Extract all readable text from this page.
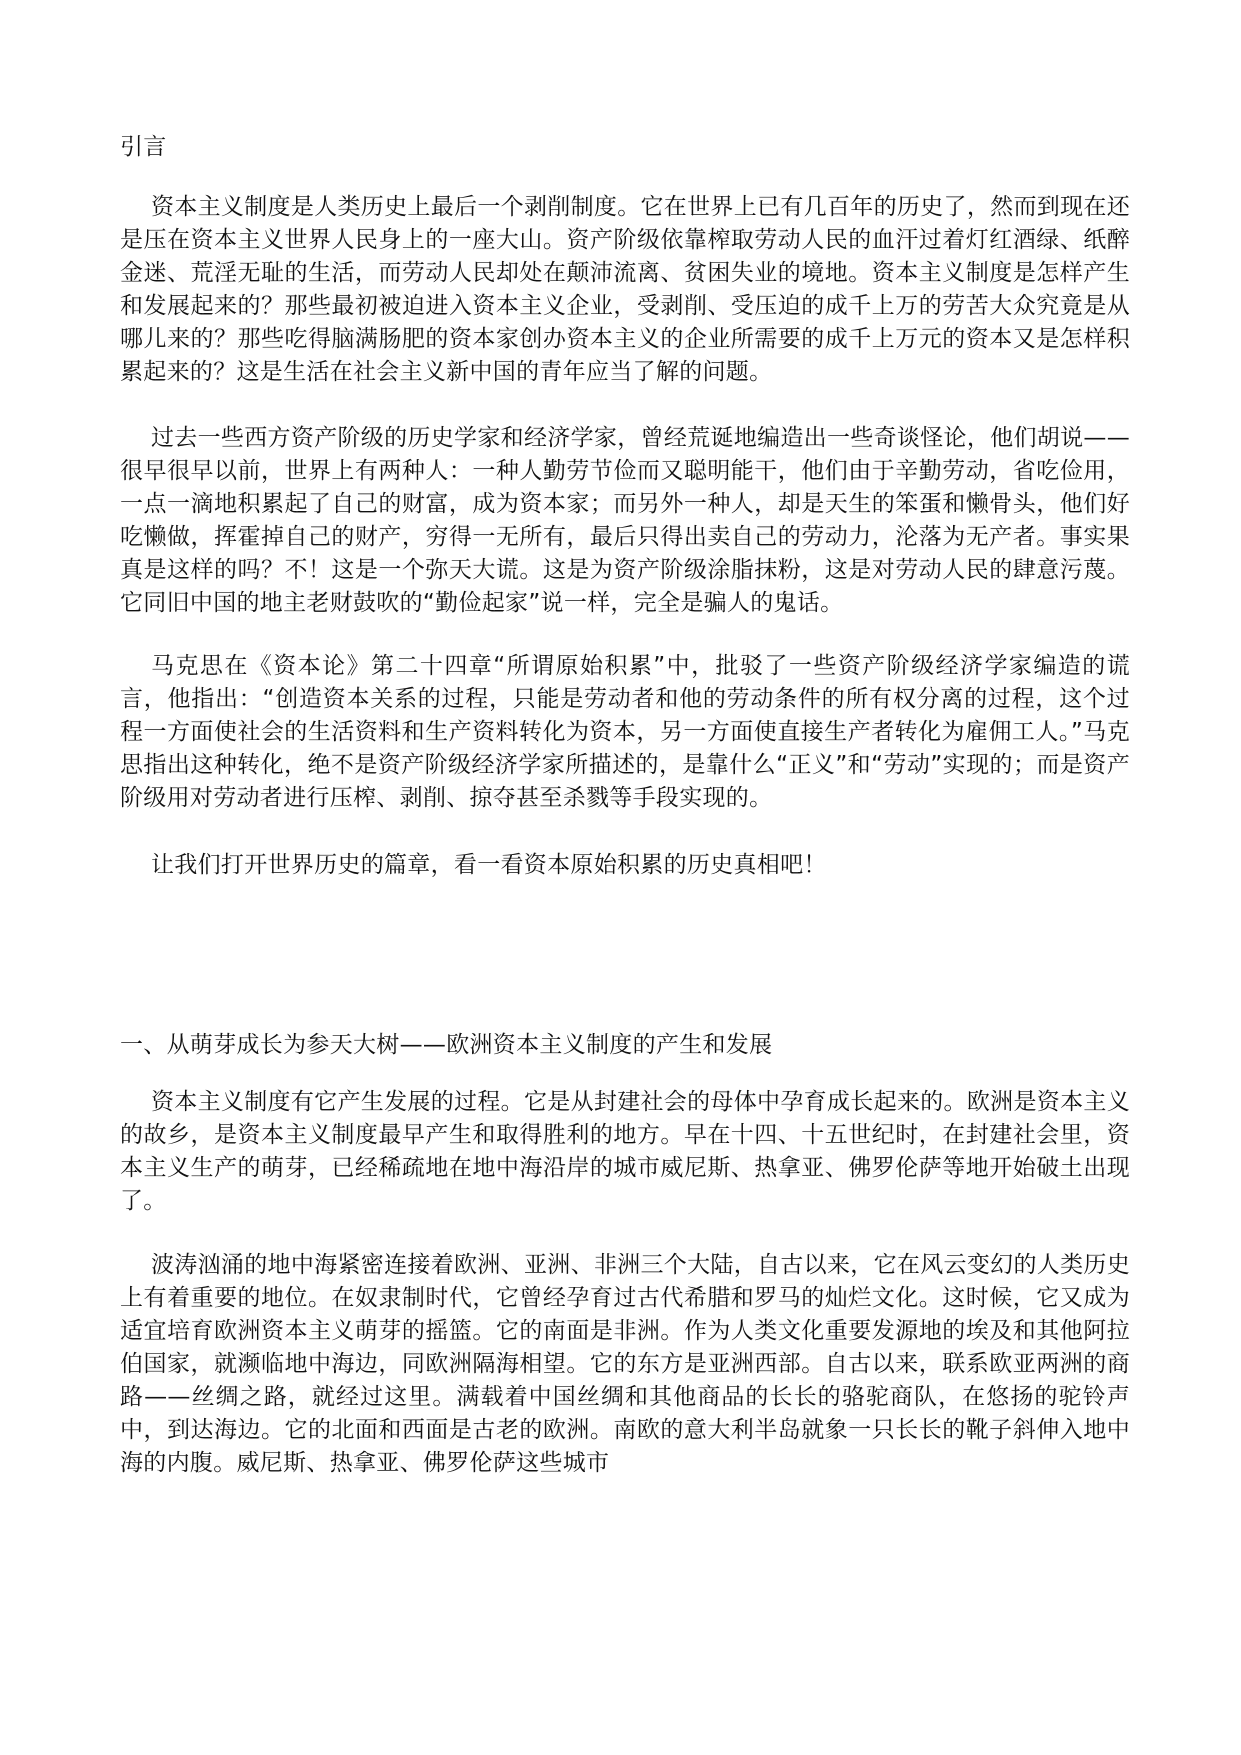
引言

资本主义制度是人类历史上最后一个剥削制度。它在世界上已有几百年的历史了，然而到现在还是压在资本主义世界人民身上的一座大山。资产阶级依靠榨取劳动人民的血汗过着灯红酒绿、纸醉金迷、荒淫无耻的生活，而劳动人民却处在颠沛流离、贫困失业的境地。资本主义制度是怎样产生和发展起来的？那些最初被迫进入资本主义企业，受剥削、受压迫的成千上万的劳苦大众究竟是从哪儿来的？那些吃得脑满肠肥的资本家创办资本主义的企业所需要的成千上万元的资本又是怎样积累起来的？这是生活在社会主义新中国的青年应当了解的问题。

过去一些西方资产阶级的历史学家和经济学家，曾经荒诞地编造出一些奇谈怪论，他们胡说——很早很早以前，世界上有两种人：一种人勤劳节俭而又聪明能干，他们由于辛勤劳动，省吃俭用，一点一滴地积累起了自己的财富，成为资本家；而另外一种人，却是天生的笨蛋和懒骨头，他们好吃懒做，挥霍掉自己的财产，穷得一无所有，最后只得出卖自己的劳动力，沦落为无产者。事实果真是这样的吗？不！这是一个弥天大谎。这是为资产阶级涂脂抹粉，这是对劳动人民的肆意污蔑。它同旧中国的地主老财鼓吹的“勤俭起家”说一样，完全是骗人的鬼话。

马克思在《资本论》第二十四章“所谓原始积累”中，批驳了一些资产阶级经济学家编造的谎言，他指出：“创造资本关系的过程，只能是劳动者和他的劳动条件的所有权分离的过程，这个过程一方面使社会的生活资料和生产资料转化为资本，另一方面使直接生产者转化为雇佣工人。”马克思指出这种转化，绝不是资产阶级经济学家所描述的，是靠什么“正义”和“劳动”实现的；而是资产阶级用对劳动者进行压榨、剥削、掠夺甚至杀戮等手段实现的。

让我们打开世界历史的篇章，看一看资本原始积累的历史真相吧！

一、从萌芽成长为参天大树——欧洲资本主义制度的产生和发展

资本主义制度有它产生发展的过程。它是从封建社会的母体中孕育成长起来的。欧洲是资本主义的故乡，是资本主义制度最早产生和取得胜利的地方。早在十四、十五世纪时，在封建社会里，资本主义生产的萌芽，已经稀疏地在地中海沿岸的城市威尼斯、热拿亚、佛罗伦萨等地开始破土出现了。

波涛汹涌的地中海紧密连接着欧洲、亚洲、非洲三个大陆，自古以来，它在风云变幻的人类历史上有着重要的地位。在奴隶制时代，它曾经孕育过古代希腊和罗马的灿烂文化。这时候，它又成为适宜培育欧洲资本主义萌芽的摇篮。它的南面是非洲。作为人类文化重要发源地的埃及和其他阿拉伯国家，就濒临地中海边，同欧洲隔海相望。它的东方是亚洲西部。自古以来，联系欧亚两洲的商路——丝绸之路，就经过这里。满载着中国丝绸和其他商品的长长的骆驼商队，在悠扬的驼铃声中，到达海边。它的北面和西面是古老的欧洲。南欧的意大利半岛就象一只长长的靴子斜伸入地中海的内腹。威尼斯、热拿亚、佛罗伦萨这些城市
